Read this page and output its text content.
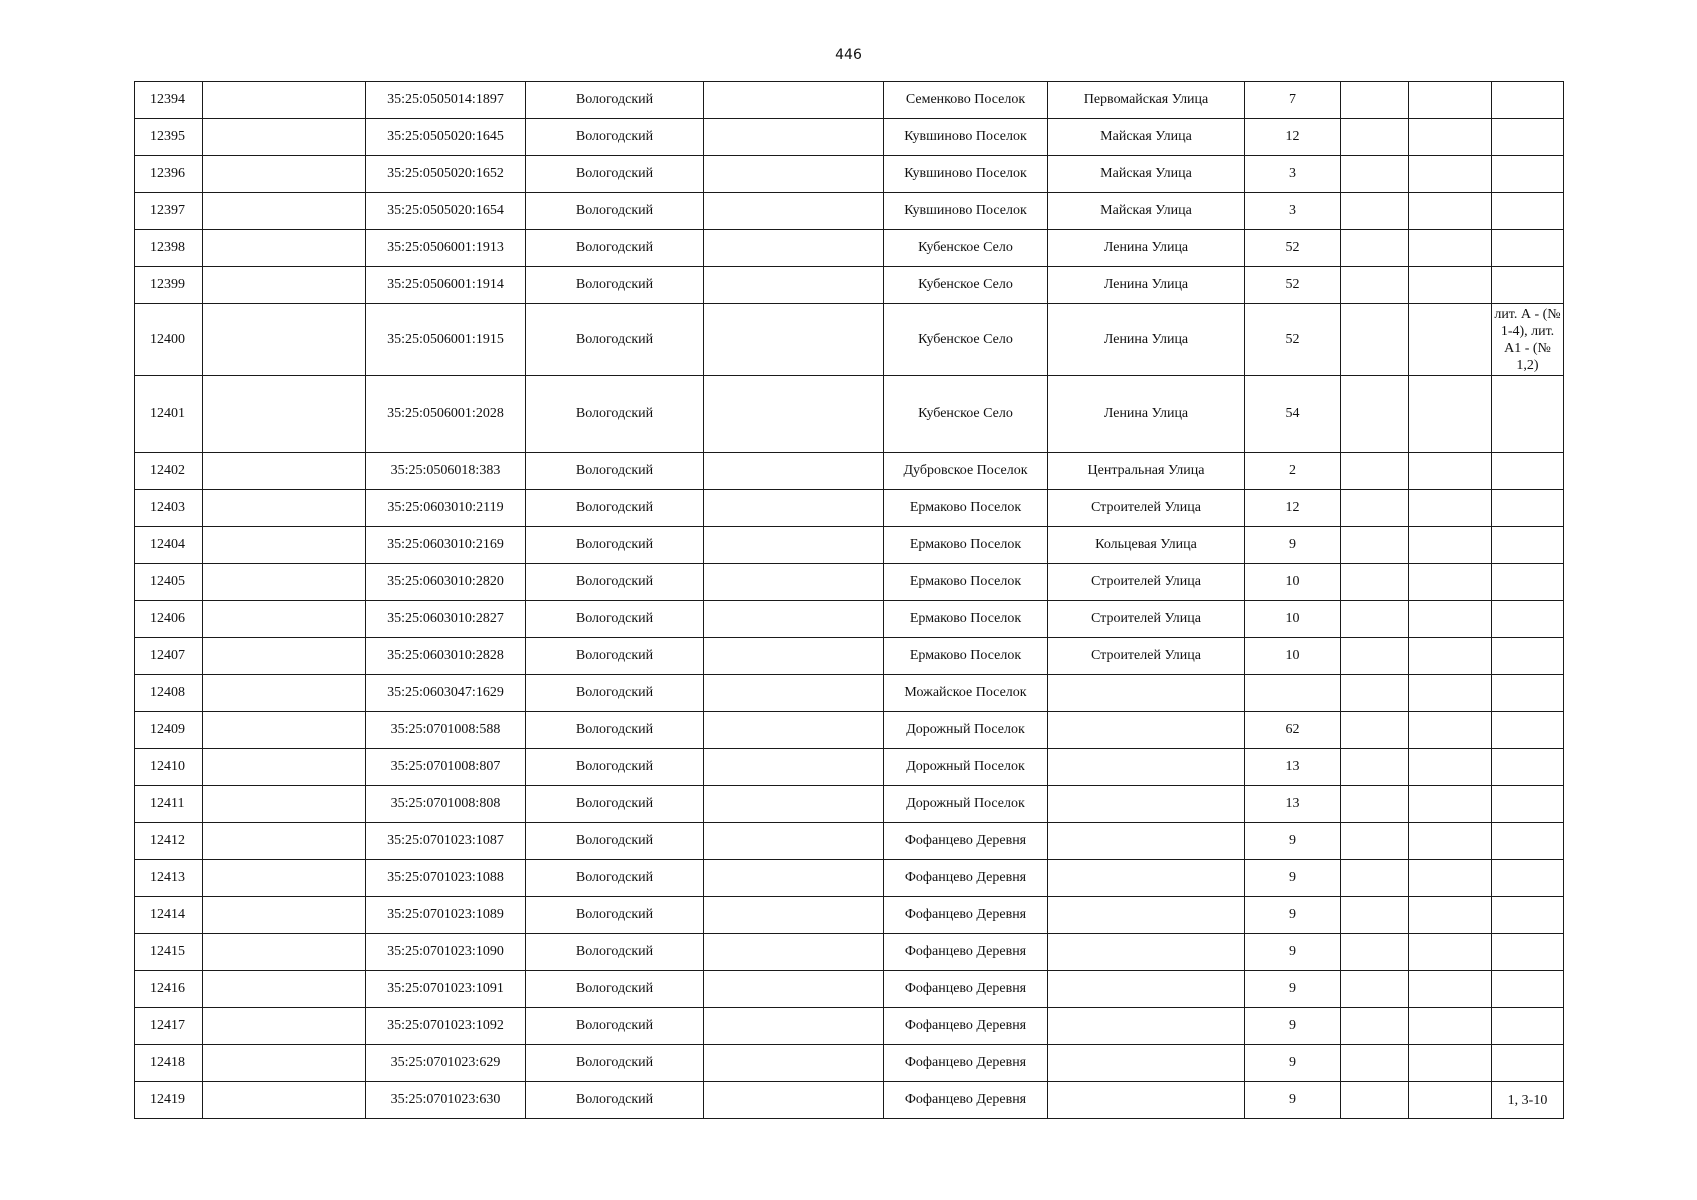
446
12394		35:25:0505014:1897	Вологодский		Семенково Поселок	Первомайская Улица	7			
12395		35:25:0505020:1645	Вологодский		Кувшиново Поселок	Майская Улица	12			
12396		35:25:0505020:1652	Вологодский		Кувшиново Поселок	Майская Улица	3			
12397		35:25:0505020:1654	Вологодский		Кувшиново Поселок	Майская Улица	3			
12398		35:25:0506001:1913	Вологодский		Кубенское Село	Ленина Улица	52			
12399		35:25:0506001:1914	Вологодский		Кубенское Село	Ленина Улица	52			
12400		35:25:0506001:1915	Вологодский		Кубенское Село	Ленина Улица	52			лит. А - (№ 1-4), лит. А1 - (№ 1,2)
12401		35:25:0506001:2028	Вологодский		Кубенское Село	Ленина Улица	54			
12402		35:25:0506018:383	Вологодский		Дубровское Поселок	Центральная Улица	2			
12403		35:25:0603010:2119	Вологодский		Ермаково Поселок	Строителей Улица	12			
12404		35:25:0603010:2169	Вологодский		Ермаково Поселок	Кольцевая Улица	9			
12405		35:25:0603010:2820	Вологодский		Ермаково Поселок	Строителей Улица	10			
12406		35:25:0603010:2827	Вологодский		Ермаково Поселок	Строителей Улица	10			
12407		35:25:0603010:2828	Вологодский		Ермаково Поселок	Строителей Улица	10			
12408		35:25:0603047:1629	Вологодский		Можайское Поселок					
12409		35:25:0701008:588	Вологодский		Дорожный Поселок		62			
12410		35:25:0701008:807	Вологодский		Дорожный Поселок		13			
12411		35:25:0701008:808	Вологодский		Дорожный Поселок		13			
12412		35:25:0701023:1087	Вологодский		Фофанцево Деревня		9			
12413		35:25:0701023:1088	Вологодский		Фофанцево Деревня		9			
12414		35:25:0701023:1089	Вологодский		Фофанцево Деревня		9			
12415		35:25:0701023:1090	Вологодский		Фофанцево Деревня		9			
12416		35:25:0701023:1091	Вологодский		Фофанцево Деревня		9			
12417		35:25:0701023:1092	Вологодский		Фофанцево Деревня		9			
12418		35:25:0701023:629	Вологодский		Фофанцево Деревня		9			
12419		35:25:0701023:630	Вологодский		Фофанцево Деревня		9			1, 3-10
